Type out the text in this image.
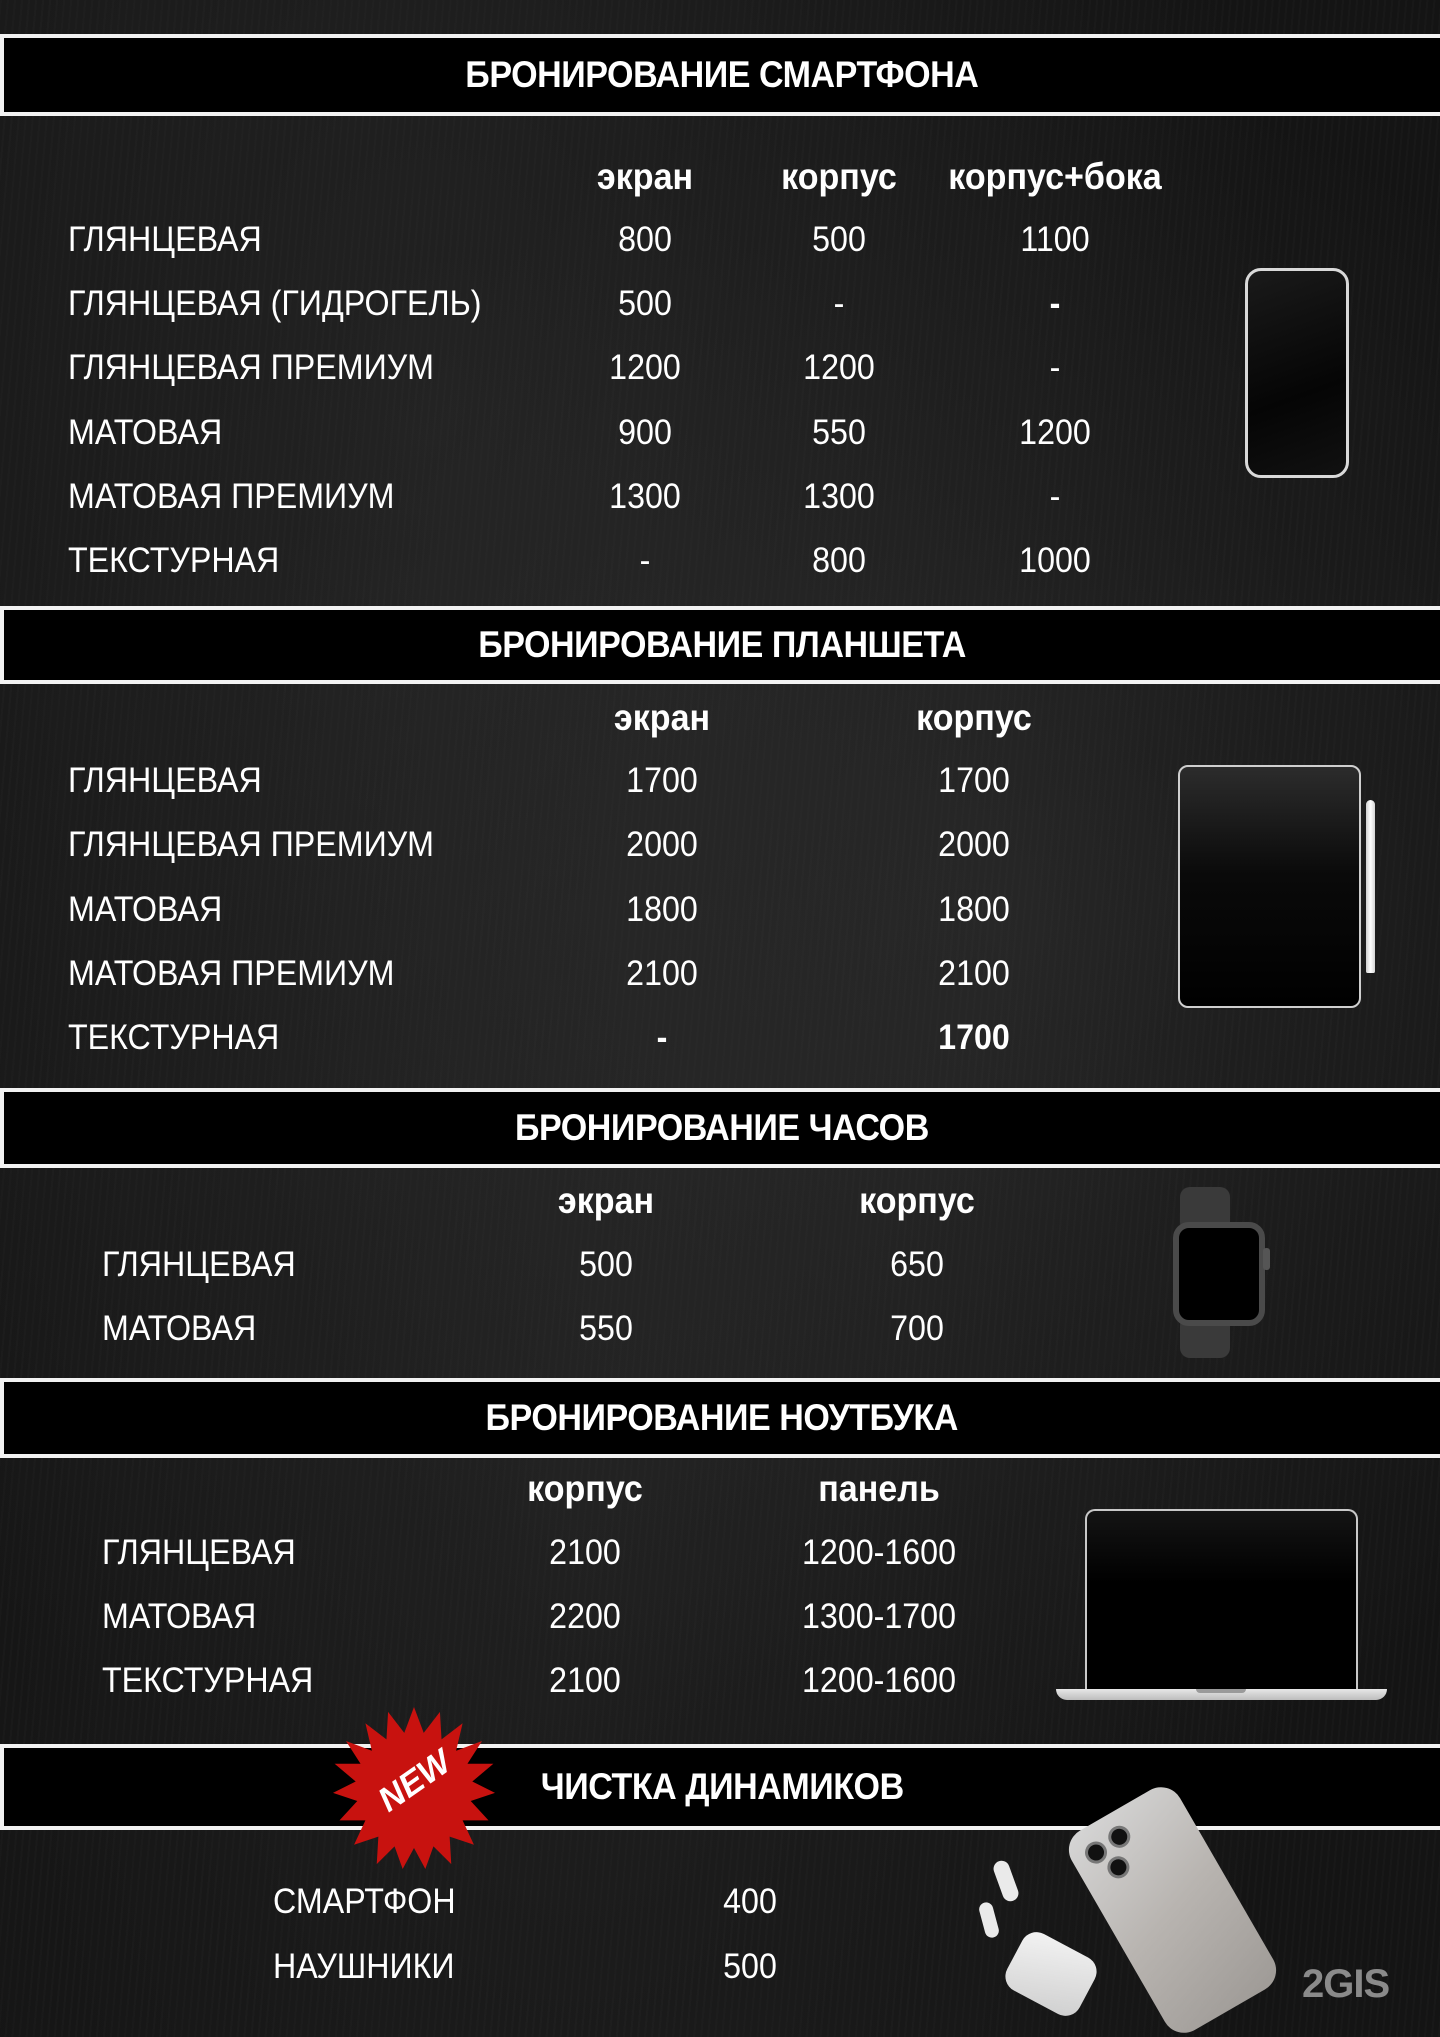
БРОНИРОВАНИЕ СМАРТФОНА
экран корпус корпус+бока
ГЛЯНЦЕВАЯ	800	500	1100
ГЛЯНЦЕВАЯ (ГИДРОГЕЛЬ)	500	-	-
ГЛЯНЦЕВАЯ ПРЕМИУМ	1200	1200	-
МАТОВАЯ	900	550	1200
МАТОВАЯ ПРЕМИУМ	1300	1300	-
ТЕКСТУРНАЯ	-	800	1000
БРОНИРОВАНИЕ ПЛАНШЕТА
экран	корпус
ГЛЯНЦЕВАЯ	1700	1700
ГЛЯНЦЕВАЯ ПРЕМИУМ	2000	2000
МАТОВАЯ	1800	1800
МАТОВАЯ ПРЕМИУМ	2100	2100
ТЕКСТУРНАЯ	-	1700
БРОНИРОВАНИЕ ЧАСОВ
экран	корпус
ГЛЯНЦЕВАЯ	500	650
МАТОВАЯ	550	700
БРОНИРОВАНИЕ НОУТБУКА
корпус	панель
ГЛЯНЦЕВАЯ	2100	1200-1600
МАТОВАЯ	2200	1300-1700
ТЕКСТУРНАЯ	2100	1200-1600
ЧИСТКА ДИНАМИКОВ
NEW
СМАРТФОН	400
НАУШНИКИ	500	2GIS
